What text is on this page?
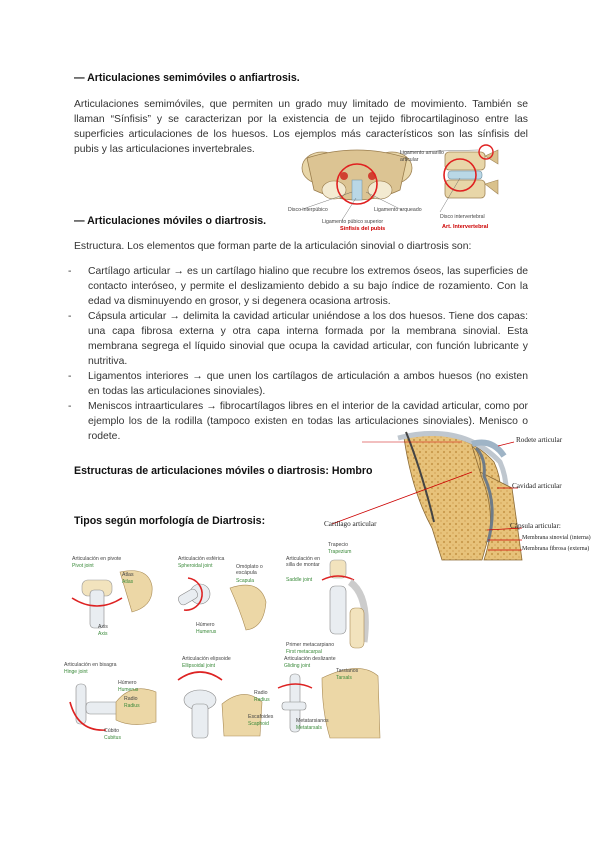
— Articulaciones semimóviles o anfiartrosis.
Articulaciones semimóviles, que permiten un grado muy limitado de movimiento. También se llaman “Sínfisis” y se caracterizan por la existencia de un tejido fibrocartilaginoso entre las superficies articulaciones de los huesos. Los ejemplos más característicos son las sínfisis del pubis y las articulaciones invertebrales.
Disco interpúbico
Ligamento púbico superior
Ligamento arqueado
Sínfisis del pubis
Ligamento amarillo
articular
Disco intervertebral
Art. Intervertebral
— Articulaciones móviles o diartrosis.
Estructura. Los elementos que forman parte de la articulación sinovial o diartrosis son:
- Cartílago articular → es un cartílago hialino que recubre los extremos óseos, las superficies de contacto interóseo, y permite el deslizamiento debido a su bajo índice de rozamiento. Con la edad va disminuyendo en grosor, y si degenera ocasiona artrosis.
- Cápsula articular → delimita la cavidad articular uniéndose a los dos huesos. Tiene dos capas: una capa fibrosa externa y otra capa interna formada por la membrana sinovial. Esta membrana segrega el líquido sinovial que ocupa la cavidad articular, con función lubricante y nutritiva.
- Ligamentos interiores → que unen los cartílagos de articulación a ambos huesos (no existen en todas las articulaciones sinoviales).
- Meniscos intraarticulares → fibrocartílagos libres en el interior de la cavidad articular, como por ejemplo los de la rodilla (tampoco existen en todas las articulaciones sinoviales). Menisco o rodete.
Estructuras de articulaciones móviles o diartrosis: Hombro
Rodete articular
Cavidad articular
Cartílago articular	Cápsula articular:
Membrana sinovial (interna)
Membrana fibrosa (externa)
Tipos según morfología de Diartrosis:
Articulación en pivote
Pivot joint
Atlas
Atlas
Axis
Axis
Articulación esférica
Spheroidal joint	Omóplato o escápula
Scapula
Húmero
Humerus
Articulación en silla de montar
Saddle joint
Trapecio
Trapezium
Primer metacarpiano
First metacarpal
Articulación en bisagra
Hinge joint
Húmero
Humerus
Radio
Radius
Cúbito
Cubitus
Articulación elipsoide
Ellipsoidal joint
Radio
Radius
Escafoides
Scaphoid
Articulación deslizante
Gliding joint
Tarsianos
Tarsals
Metatarsianos
Metatarsals
